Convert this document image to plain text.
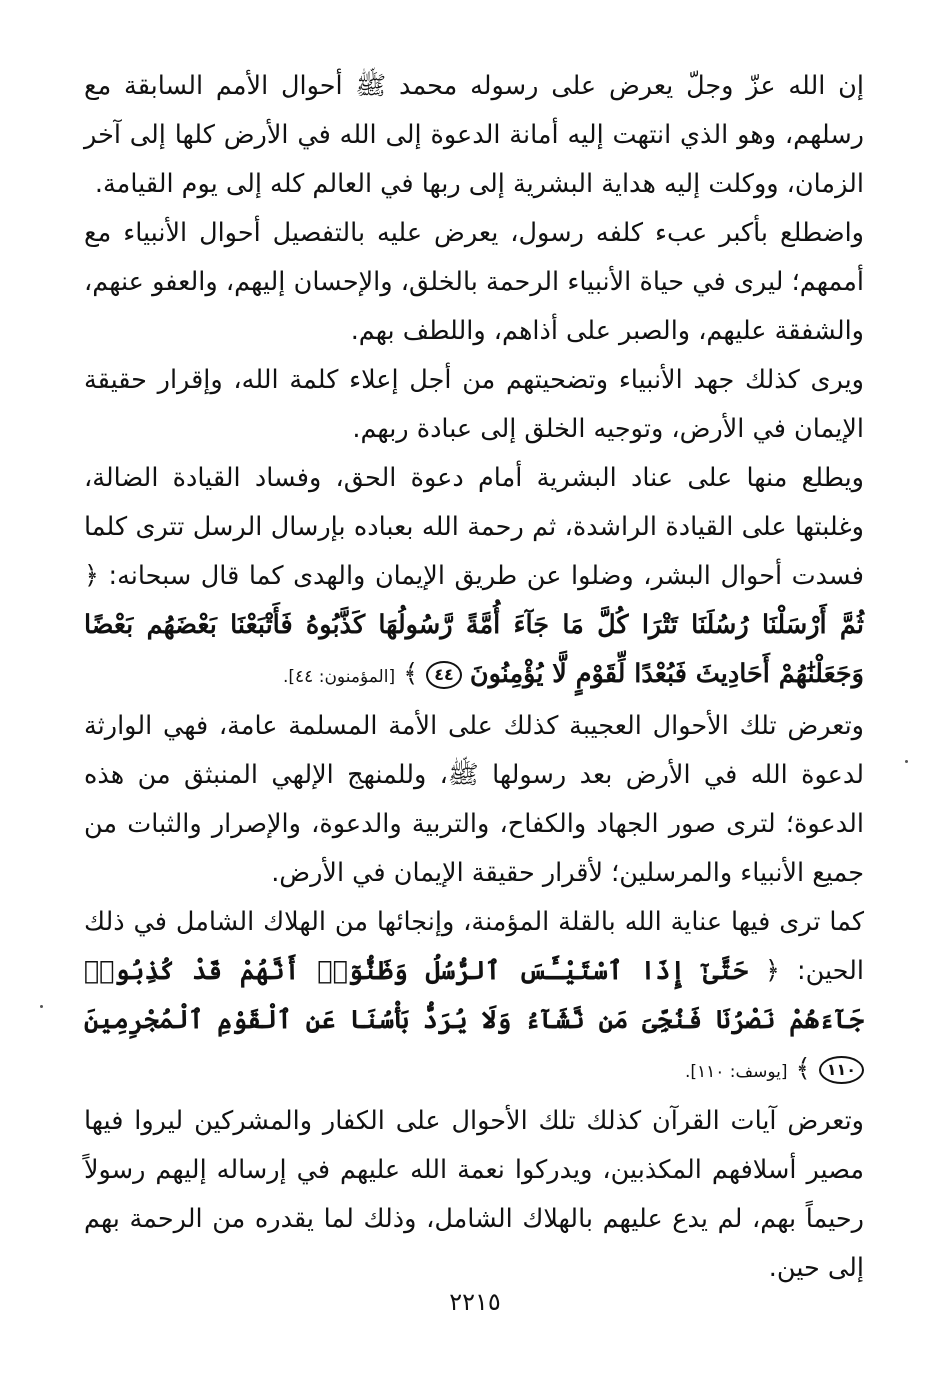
إن الله عزّ وجلّ يعرض على رسوله محمد ﷺ أحوال الأمم السابقة مع رسلهم، وهو الذي انتهت إليه أمانة الدعوة إلى الله في الأرض كلها إلى آخر الزمان، ووكلت إليه هداية البشرية إلى ربها في العالم كله إلى يوم القيامة.

واضطلع بأكبر عبء كلفه رسول، يعرض عليه بالتفصيل أحوال الأنبياء مع أممهم؛ ليرى في حياة الأنبياء الرحمة بالخلق، والإحسان إليهم، والعفو عنهم، والشفقة عليهم، والصبر على أذاهم، واللطف بهم.

ويرى كذلك جهد الأنبياء وتضحيتهم من أجل إعلاء كلمة الله، وإقرار حقيقة الإيمان في الأرض، وتوجيه الخلق إلى عبادة ربهم.

ويطلع منها على عناد البشرية أمام دعوة الحق، وفساد القيادة الضالة، وغلبتها على القيادة الراشدة، ثم رحمة الله بعباده بإرسال الرسل تترى كلما فسدت أحوال البشر، وضلوا عن طريق الإيمان والهدى كما قال سبحانه: ﴿ ثُمَّ أَرْسَلْنَا رُسُلَنَا تَتْرَا كُلَّ مَا جَآءَ أُمَّةً رَّسُولُهَا كَذَّبُوهُ فَأَتْبَعْنَا بَعْضَهُم بَعْضًا وَجَعَلْنَٰهُمْ أَحَادِيثَ فَبُعْدًا لِّقَوْمٍ لَّا يُؤْمِنُونَ ٤٤ ﴾ [المؤمنون: ٤٤].

وتعرض تلك الأحوال العجيبة كذلك على الأمة المسلمة عامة، فهي الوارثة لدعوة الله في الأرض بعد رسولها ﷺ، وللمنهج الإلهي المنبثق من هذه الدعوة؛ لترى صور الجهاد والكفاح، والتربية والدعوة، والإصرار والثبات من جميع الأنبياء والمرسلين؛ لأقرار حقيقة الإيمان في الأرض.

كما ترى فيها عناية الله بالقلة المؤمنة، وإنجائها من الهلاك الشامل في ذلك الحين: ﴿ حَتَّىٰٓ إِذَا ٱسْتَيْـَٔسَ ٱلرُّسُلُ وَظَنُّوٓا۟ أَنَّهُمْ قَدْ كُذِبُوا۟ جَآءَهُمْ نَصْرُنَا فَنُجِّىَ مَن نَّشَآءُ وَلَا يُرَدُّ بَأْسُنَا عَنِ ٱلْقَوْمِ ٱلْمُجْرِمِينَ ١١٠ ﴾ [يوسف: ١١٠].

وتعرض آيات القرآن كذلك تلك الأحوال على الكفار والمشركين ليروا فيها مصير أسلافهم المكذبين، ويدركوا نعمة الله عليهم في إرساله إليهم رسولاً رحيماً بهم، لم يدع عليهم بالهلاك الشامل، وذلك لما يقدره من الرحمة بهم إلى حين.

٢٢١٥
